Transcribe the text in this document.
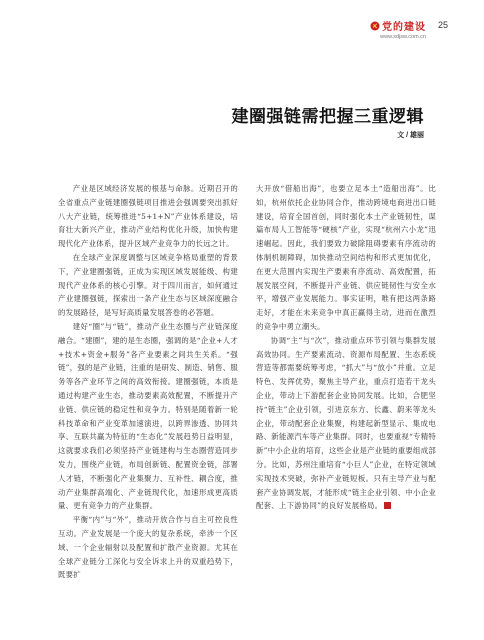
党的建设
www.sdjsw.com.cn
25
建圈强链需把握三重逻辑
文 / 雄丽

产业是区域经济发展的根基与命脉。近期召开的全省重点产业链建圈强链项目推进会强调要突出抓好八大产业链，统筹推进“5+1+N”产业体系建设，培育壮大新兴产业，推动产业结构优化升级，加快构建现代化产业体系，提升区域产业竞争力的长远之计。

在全球产业深度调整与区域竞争格局重塑的背景下，产业建圈强链，正成为实现区域发展能级、构建现代产业体系的核心引擎。对于四川而言，如何通过产业建圈强链，探索出一条产业生态与区域深度融合的发展路径，是写好高质量发展答卷的必答题。

建好“圈”与“链”，推动产业生态圈与产业链深度融合。“建圈”，建的是生态圈，强调的是“企业+人才+技术+资金+服务”各产业要素之间共生关系。“强链”，强的是产业链，注重的是研发、制造、销售、服务等各产业环节之间的高效衔接。建圈强链，本质是通过构建产业生态，推动要素高效配置，不断提升产业链、供应链的稳定性和竞争力。特别是随着新一轮科技革命和产业变革加速演进，以跨界渗透、协同共享、互联共赢为特征的“生态化”发展趋势日益明显，这就要求我们必须坚持产业链建构与生态圈营造同步发力，围绕产业链，布局创新链、配置资金链，部署人才链，不断强化产业集聚力、互补性、耦合度，推动产业集群高端化、产业链现代化，加速形成更高质量、更有竞争力的产业集群。

平衡“内”与“外”，推动开放合作与自主可控良性互动。产业发展是一个庞大的复杂系统，牵涉一个区域、一个企业辐射以及配置和扩散产业资源。尤其在全球产业链分工深化与安全诉求上升的双重趋势下，既要扩

大开放“借船出海”，也要立足本土“造船出海”。比如，杭州依托企业协同合作，推动跨境电商进出口链建设，培育全国首创，同时强化本土产业链韧性，谋篇布局人工智能等“硬核”产业，实现“杭州六小龙”迅速崛起。因此，我们要致力破除阻碍要素有序流动的体制机制障碍，加快推动空间结构和形式更加优化，在更大范围内实现生产要素有序流动、高效配置，拓展发展空间，不断提升产业链、供应链韧性与安全水平，增强产业发展能力。事实证明，唯有把这两条路走好，才能在未来竞争中真正赢得主动，进而在激烈的竞争中勇立潮头。

协调“主”与“次”，推动重点环节引领与集群发展高效协同。生产要素流动、资源布局配置、生态系统营造等都需要统筹考虑，“抓大”与“放小”并重。立足特色、发挥优势，聚焦主导产业，重点打造若干龙头企业，带动上下游配套企业协同发展。比如，合肥坚持“链主”企业引领，引进京东方、长鑫、蔚来等龙头企业，带动配套企业集聚，构建起新型显示、集成电路、新能源汽车等产业集群。同时，也要重视“专精特新”中小企业的培育，这些企业是产业链的重要组成部分。比如，苏州注重培育“小巨人”企业，在特定领域实现技术突破，弥补产业链短板。只有主导产业与配套产业协调发展，才能形成“链主企业引领、中小企业配套、上下游协同”的良好发展格局。
